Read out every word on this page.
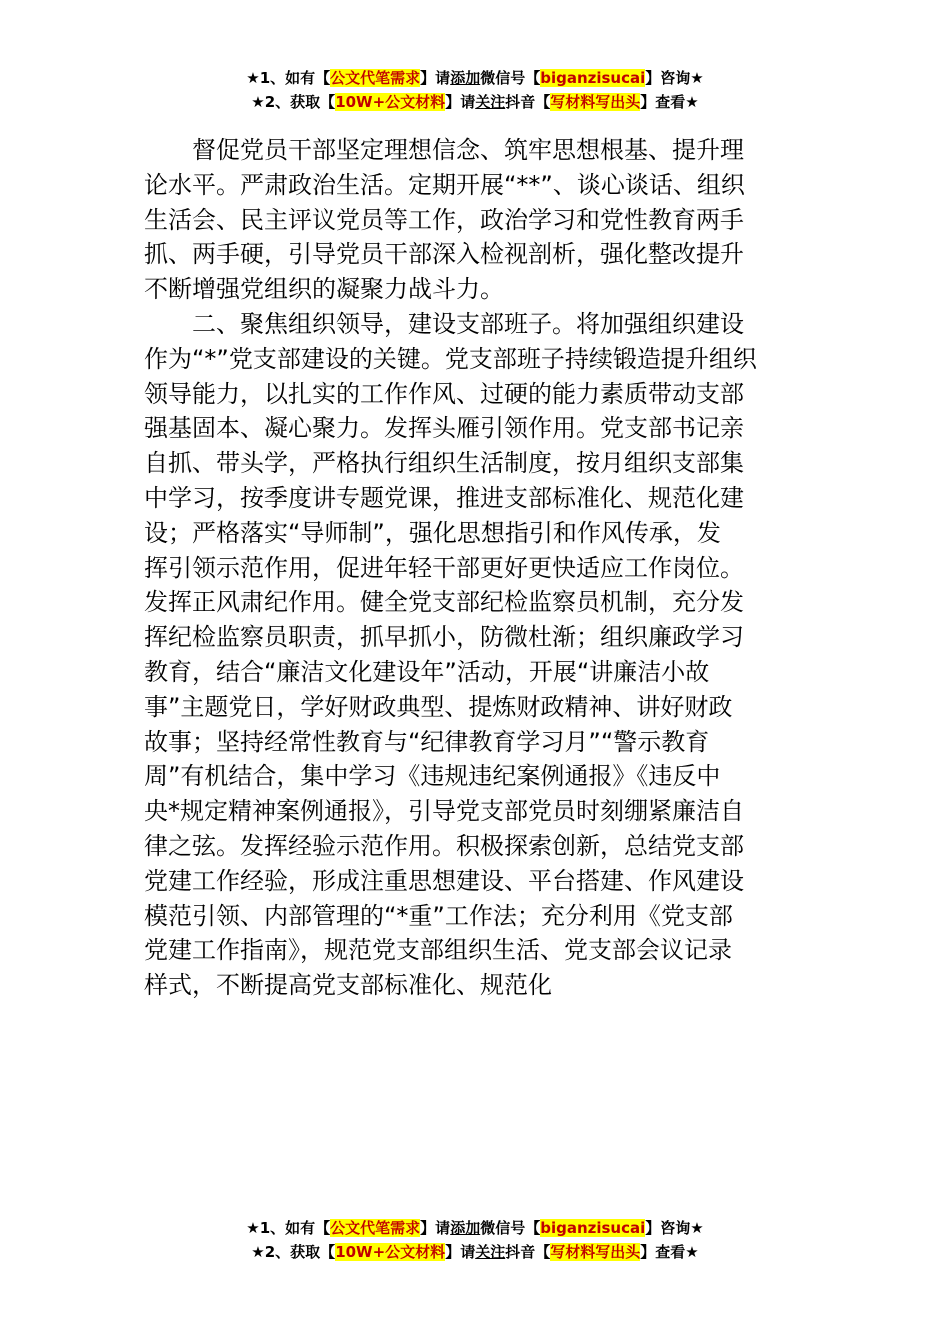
★1、如有【公文代笔需求】请添加微信号【biganzisucai】咨询★
★2、获取【10W+公文材料】请关注抖音【写材料写出头】查看★
督促党员干部坚定理想信念、筑牢思想根基、提升理
论水平。严肃政治生活。定期开展“**”、谈心谈话、组织
生活会、民主评议党员等工作，政治学习和党性教育两手
抓、两手硬，引导党员干部深入检视剖析，强化整改提升
不断增强党组织的凝聚力战斗力。
二、聚焦组织领导，建设支部班子。将加强组织建设
作为“*”党支部建设的关键。党支部班子持续锻造提升组织
领导能力，以扎实的工作作风、过硬的能力素质带动支部
强基固本、凝心聚力。发挥头雁引领作用。党支部书记亲
自抓、带头学，严格执行组织生活制度，按月组织支部集
中学习，按季度讲专题党课，推进支部标准化、规范化建
设；严格落实“导师制”，强化思想指引和作风传承，发
挥引领示范作用，促进年轻干部更好更快适应工作岗位。
发挥正风肃纪作用。健全党支部纪检监察员机制，充分发
挥纪检监察员职责，抓早抓小，防微杜渐；组织廉政学习
教育，结合“廉洁文化建设年”活动，开展“讲廉洁小故
事”主题党日，学好财政典型、提炼财政精神、讲好财政
故事；坚持经常性教育与“纪律教育学习月”“警示教育
周”有机结合，集中学习《违规违纪案例通报》《违反中
央*规定精神案例通报》，引导党支部党员时刻绷紧廉洁自
律之弦。发挥经验示范作用。积极探索创新，总结党支部
党建工作经验，形成注重思想建设、平台搭建、作风建设
模范引领、内部管理的“*重”工作法；充分利用《党支部
党建工作指南》，规范党支部组织生活、党支部会议记录
样式，不断提高党支部标准化、规范化
★1、如有【公文代笔需求】请添加微信号【biganzisucai】咨询★
★2、获取【10W+公文材料】请关注抖音【写材料写出头】查看★
